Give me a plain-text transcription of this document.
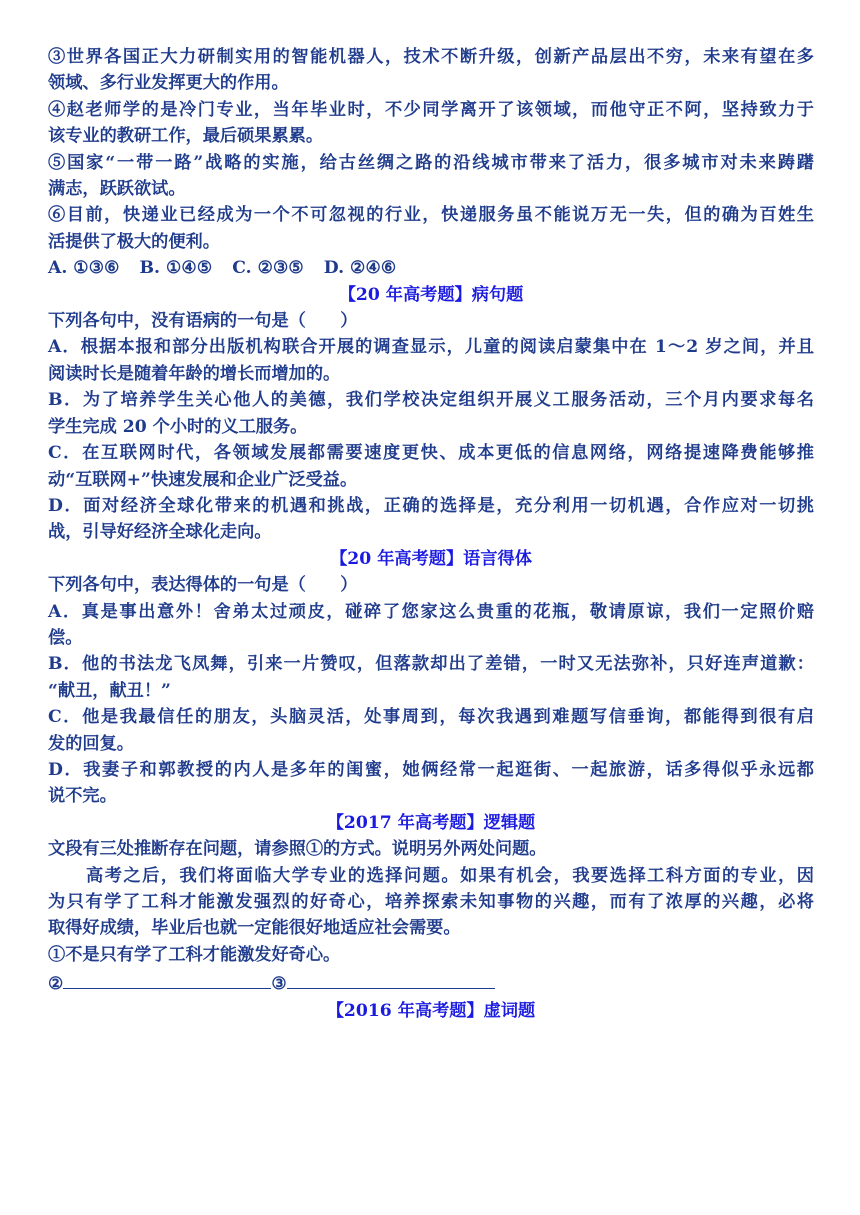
③世界各国正大力研制实用的智能机器人，技术不断升级，创新产品层出不穷，未来有望在多
领域、多行业发挥更大的作用。
④赵老师学的是冷门专业，当年毕业时，不少同学离开了该领域，而他守正不阿，坚持致力于
该专业的教研工作，最后硕果累累。
⑤国家“一带一路”战略的实施，给古丝绸之路的沿线城市带来了活力，很多城市对未来踌躇
满志，跃跃欲试。
⑥目前，快递业已经成为一个不可忽视的行业，快递服务虽不能说万无一失，但的确为百姓生
活提供了极大的便利。
A. ①③⑥ B. ①④⑤ C. ②③⑤ D. ②④⑥
【20 年高考题】病句题
下列各句中，没有语病的一句是（　　）
A．根据本报和部分出版机构联合开展的调查显示，儿童的阅读启蒙集中在 1～2 岁之间，并且
阅读时长是随着年龄的增长而增加的。
B．为了培养学生关心他人的美德，我们学校决定组织开展义工服务活动，三个月内要求每名
学生完成 20 个小时的义工服务。
C．在互联网时代，各领域发展都需要速度更快、成本更低的信息网络，网络提速降费能够推
动“互联网+”快速发展和企业广泛受益。
D．面对经济全球化带来的机遇和挑战，正确的选择是，充分利用一切机遇，合作应对一切挑
战，引导好经济全球化走向。
【20 年高考题】语言得体
下列各句中，表达得体的一句是（　　）
A．真是事出意外！舍弟太过顽皮，碰碎了您家这么贵重的花瓶，敬请原谅，我们一定照价赔
偿。
B．他的书法龙飞凤舞，引来一片赞叹，但落款却出了差错，一时又无法弥补，只好连声道歉：
“献丑，献丑！”
C．他是我最信任的朋友，头脑灵活，处事周到，每次我遇到难题写信垂询，都能得到很有启
发的回复。
D．我妻子和郭教授的内人是多年的闺蜜，她俩经常一起逛街、一起旅游，话多得似乎永远都
说不完。
【2017 年高考题】逻辑题
文段有三处推断存在问题，请参照①的方式。说明另外两处问题。
高考之后，我们将面临大学专业的选择问题。如果有机会，我要选择工科方面的专业，因
为只有学了工科才能激发强烈的好奇心，培养探索未知事物的兴趣，而有了浓厚的兴趣，必将
取得好成绩，毕业后也就一定能很好地适应社会需要。
①不是只有学了工科才能激发好奇心。
②	③
【2016 年高考题】虚词题
